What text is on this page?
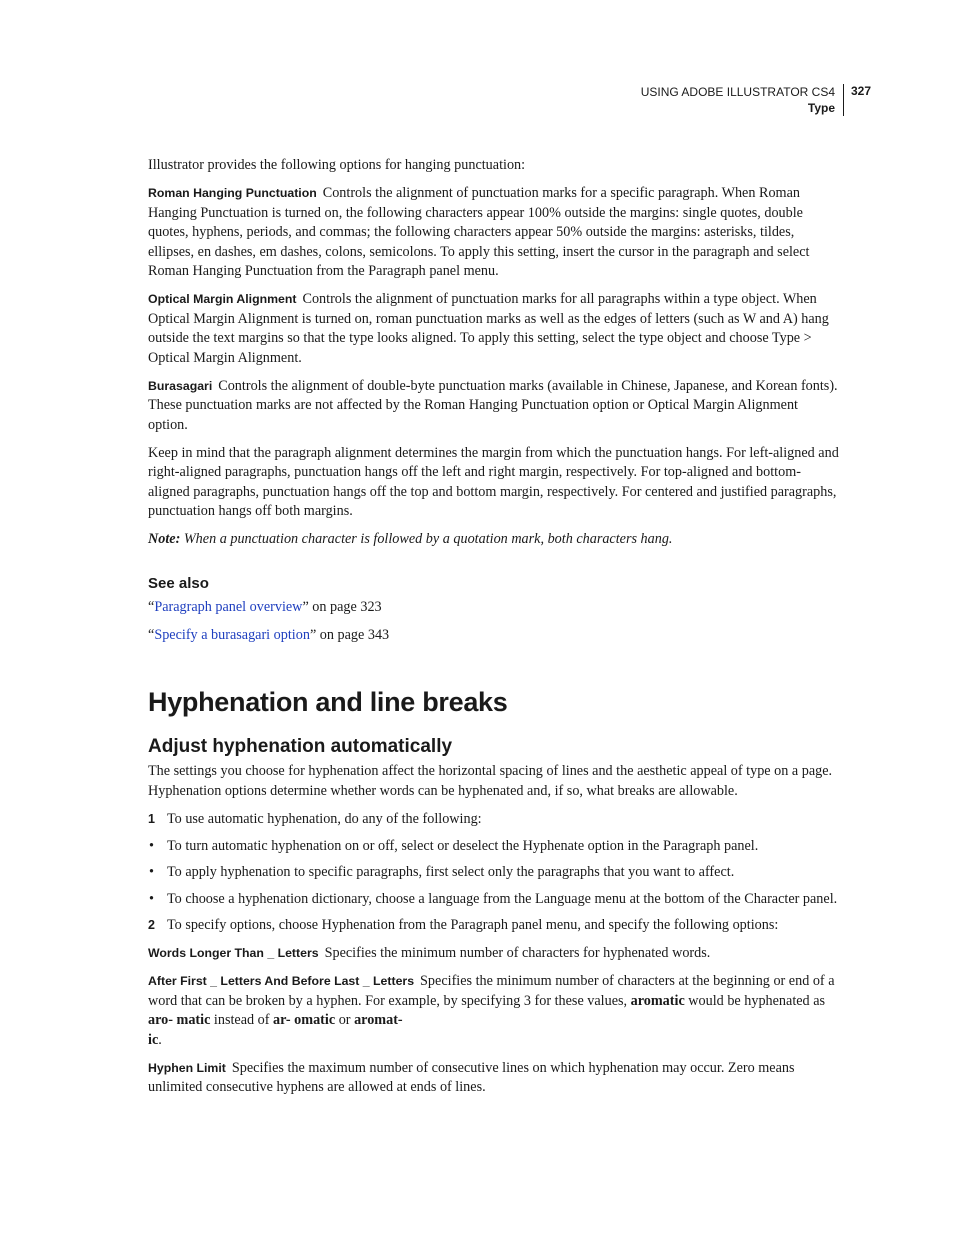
USING ADOBE ILLUSTRATOR CS4
Type
327

Illustrator provides the following options for hanging punctuation:

Roman Hanging Punctuation Controls the alignment of punctuation marks for a specific paragraph. When Roman Hanging Punctuation is turned on, the following characters appear 100% outside the margins: single quotes, double quotes, hyphens, periods, and commas; the following characters appear 50% outside the margins: asterisks, tildes, ellipses, en dashes, em dashes, colons, semicolons. To apply this setting, insert the cursor in the paragraph and select Roman Hanging Punctuation from the Paragraph panel menu.

Optical Margin Alignment Controls the alignment of punctuation marks for all paragraphs within a type object. When Optical Margin Alignment is turned on, roman punctuation marks as well as the edges of letters (such as W and A) hang outside the text margins so that the type looks aligned. To apply this setting, select the type object and choose Type > Optical Margin Alignment.

Burasagari Controls the alignment of double-byte punctuation marks (available in Chinese, Japanese, and Korean fonts). These punctuation marks are not affected by the Roman Hanging Punctuation option or Optical Margin Alignment option.

Keep in mind that the paragraph alignment determines the margin from which the punctuation hangs. For left-aligned and right-aligned paragraphs, punctuation hangs off the left and right margin, respectively. For top-aligned and bottom-aligned paragraphs, punctuation hangs off the top and bottom margin, respectively. For centered and justified paragraphs, punctuation hangs off both margins.

Note: When a punctuation character is followed by a quotation mark, both characters hang.

See also

“Paragraph panel overview” on page 323

“Specify a burasagari option” on page 343

Hyphenation and line breaks
Adjust hyphenation automatically

The settings you choose for hyphenation affect the horizontal spacing of lines and the aesthetic appeal of type on a page. Hyphenation options determine whether words can be hyphenated and, if so, what breaks are allowable.

1 To use automatic hyphenation, do any of the following:
• To turn automatic hyphenation on or off, select or deselect the Hyphenate option in the Paragraph panel.
• To apply hyphenation to specific paragraphs, first select only the paragraphs that you want to affect.
• To choose a hyphenation dictionary, choose a language from the Language menu at the bottom of the Character panel.
2 To specify options, choose Hyphenation from the Paragraph panel menu, and specify the following options:

Words Longer Than _ Letters Specifies the minimum number of characters for hyphenated words.

After First _ Letters And Before Last _ Letters Specifies the minimum number of characters at the beginning or end of a word that can be broken by a hyphen. For example, by specifying 3 for these values, aromatic would be hyphenated as aro- matic instead of ar- omatic or aromat-
ic.

Hyphen Limit Specifies the maximum number of consecutive lines on which hyphenation may occur. Zero means unlimited consecutive hyphens are allowed at ends of lines.
